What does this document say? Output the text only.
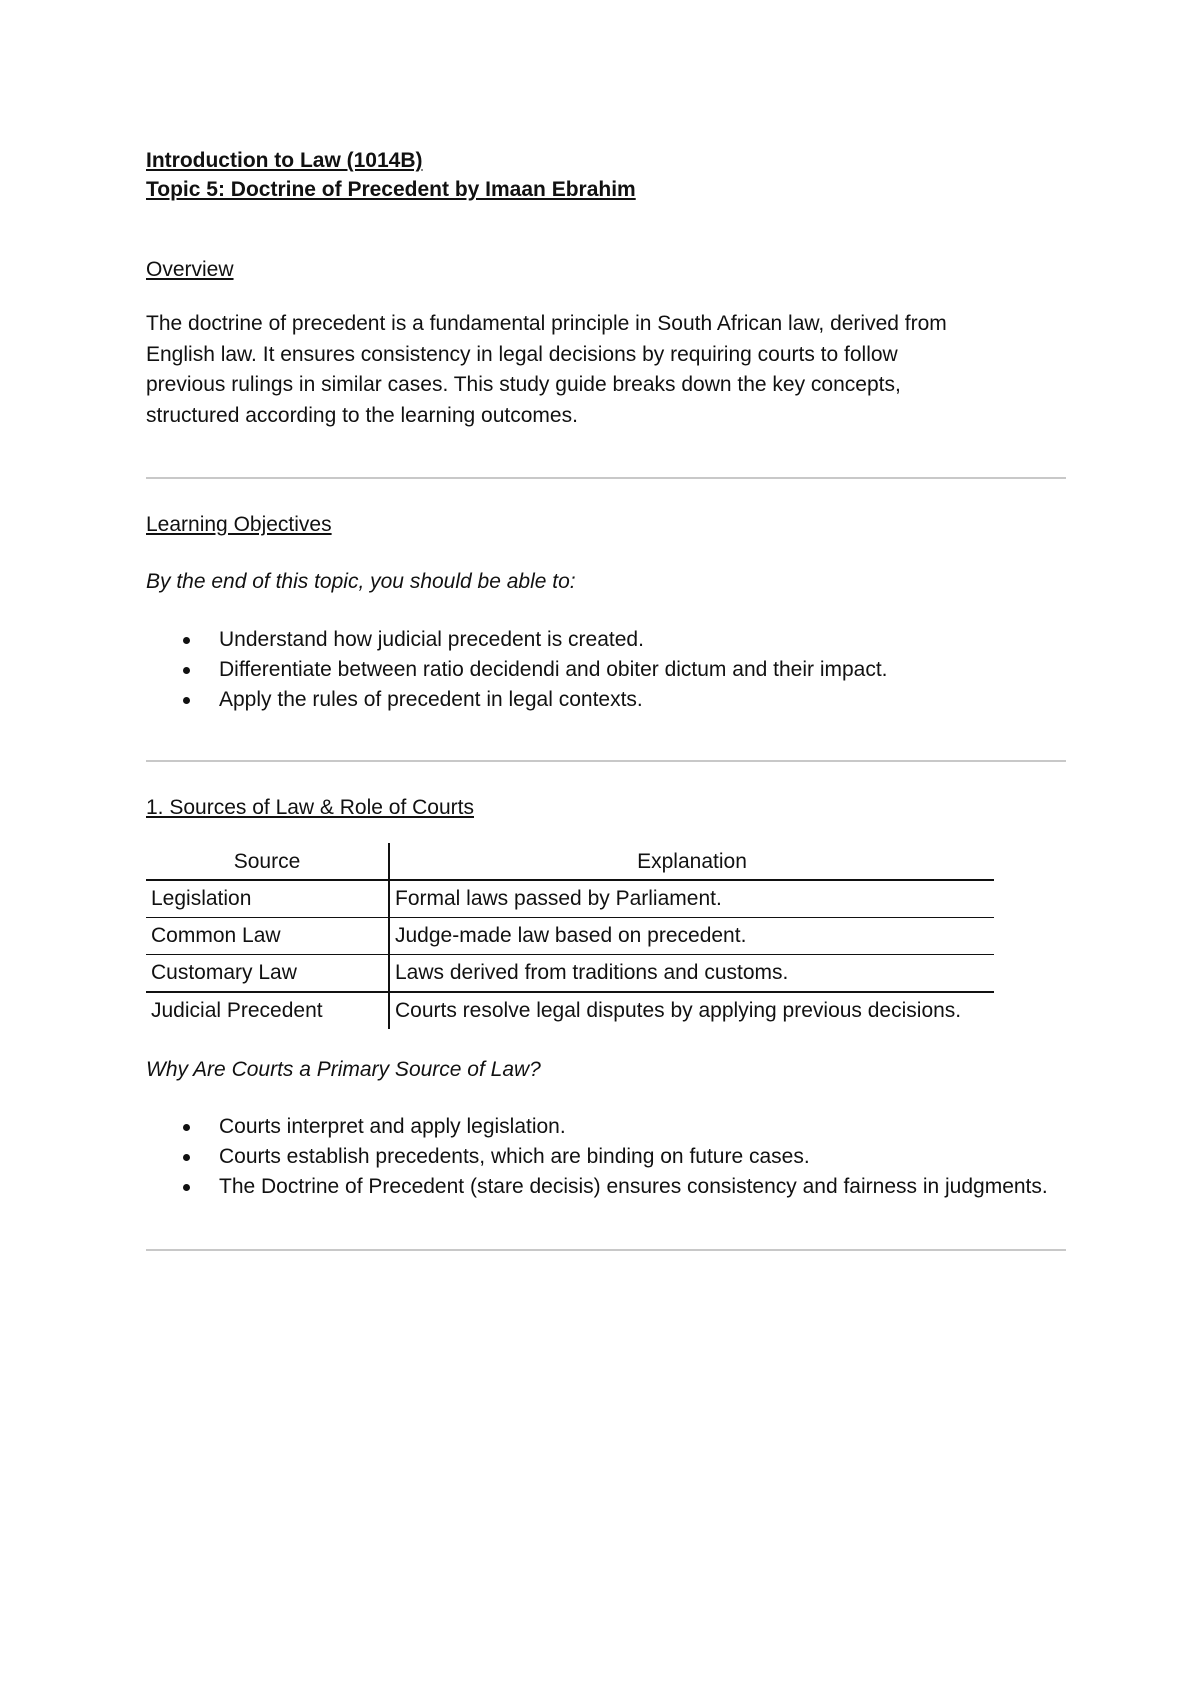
Introduction to Law (1014B)

Topic 5: Doctrine of Precedent by Imaan Ebrahim

Overview

The doctrine of precedent is a fundamental principle in South African law, derived from

English law. It ensures consistency in legal decisions by requiring courts to follow

previous rulings in similar cases. This study guide breaks down the key concepts,

structured according to the learning outcomes.

Learning Objectives

By the end of this topic, you should be able to:

Understand how judicial precedent is created.
Differentiate between ratio decidendi and obiter dictum and their impact.
Apply the rules of precedent in legal contexts.

1. Sources of Law & Role of Courts

Source	Explanation
Legislation	Formal laws passed by Parliament.
Common Law	Judge-made law based on precedent.
Customary Law	Laws derived from traditions and customs.
Judicial Precedent	Courts resolve legal disputes by applying previous decisions.

Why Are Courts a Primary Source of Law?

Courts interpret and apply legislation.
Courts establish precedents, which are binding on future cases.
The Doctrine of Precedent (stare decisis) ensures consistency and fairness in judgments.
